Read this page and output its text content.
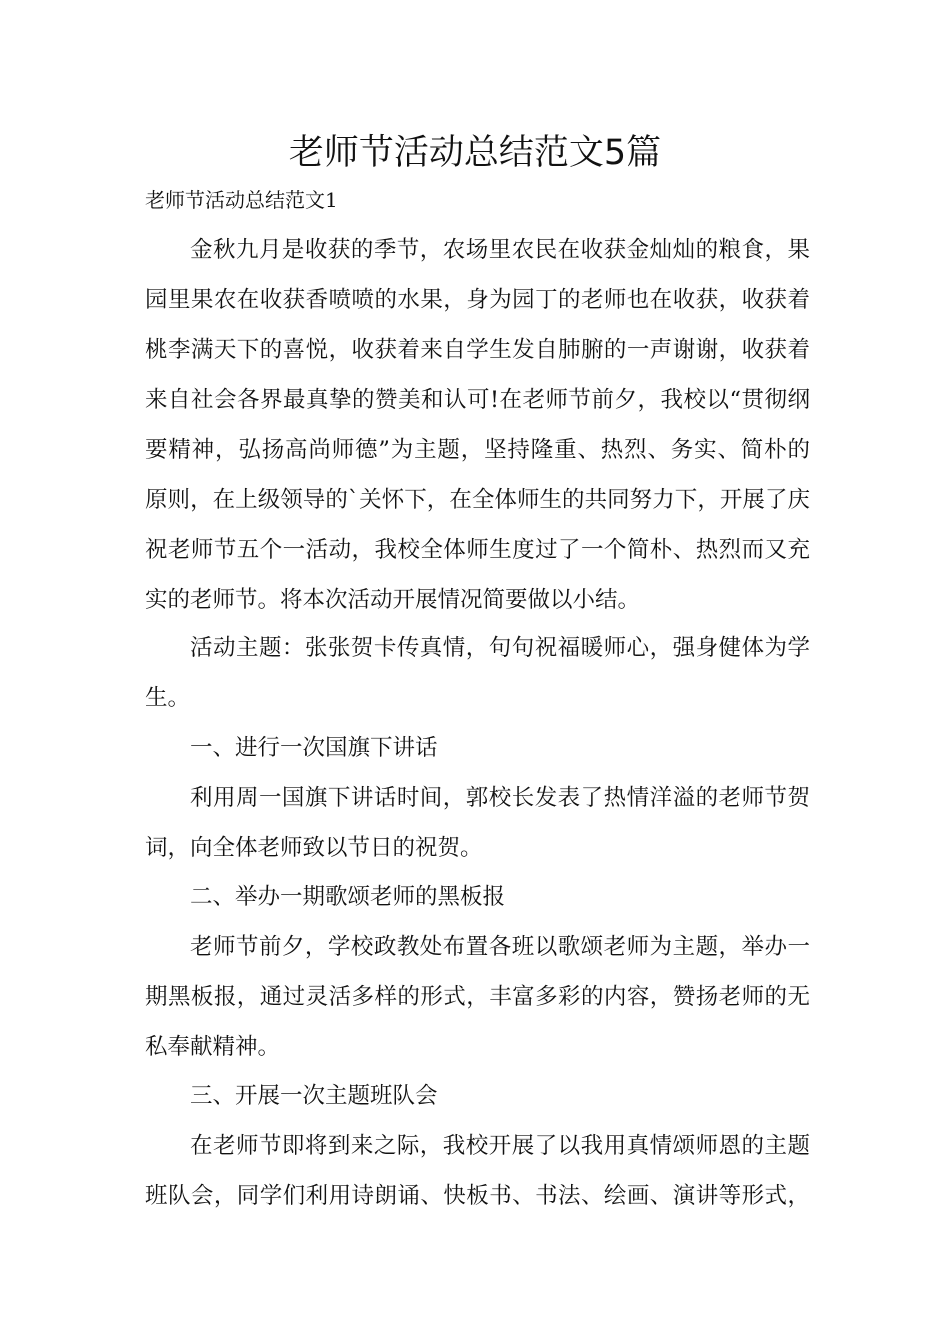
老师节活动总结范文5篇
老师节活动总结范文1
金秋九月是收获的季节，农场里农民在收获金灿灿的粮食，果
园里果农在收获香喷喷的水果，身为园丁的老师也在收获，收获着
桃李满天下的喜悦，收获着来自学生发自肺腑的一声谢谢，收获着
来自社会各界最真挚的赞美和认可!在老师节前夕，我校以“贯彻纲
要精神，弘扬高尚师德”为主题，坚持隆重、热烈、务实、简朴的
原则，在上级领导的`关怀下，在全体师生的共同努力下，开展了庆
祝老师节五个一活动，我校全体师生度过了一个简朴、热烈而又充
实的老师节。将本次活动开展情况简要做以小结。
活动主题：张张贺卡传真情，句句祝福暖师心，强身健体为学
生。
一、进行一次国旗下讲话
利用周一国旗下讲话时间，郭校长发表了热情洋溢的老师节贺
词，向全体老师致以节日的祝贺。
二、举办一期歌颂老师的黑板报
老师节前夕，学校政教处布置各班以歌颂老师为主题，举办一
期黑板报，通过灵活多样的形式，丰富多彩的内容，赞扬老师的无
私奉献精神。
三、开展一次主题班队会
在老师节即将到来之际，我校开展了以我用真情颂师恩的主题
班队会，同学们利用诗朗诵、快板书、书法、绘画、演讲等形式，
